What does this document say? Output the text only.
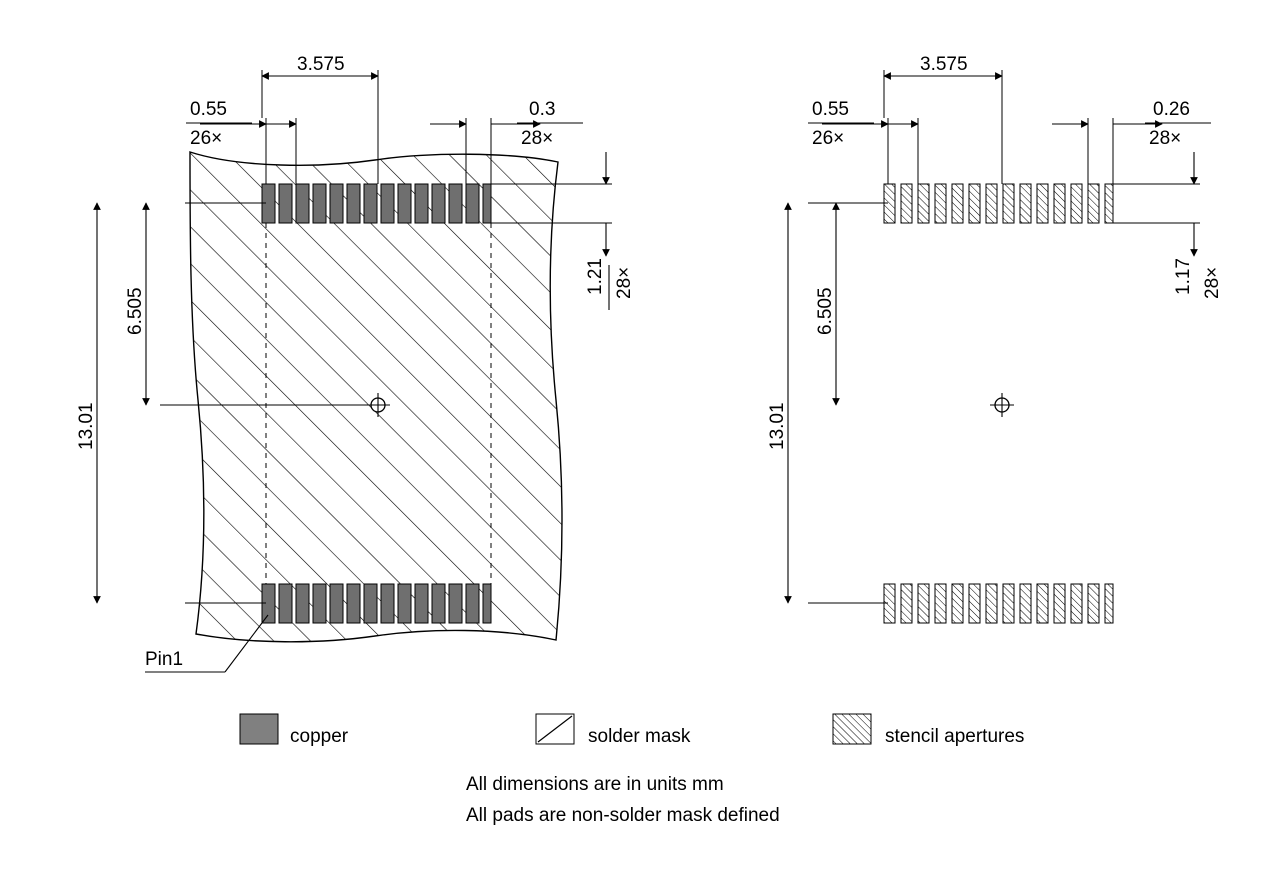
0.55
26×
3.575
0.3
28×
1.21 28×
6.505
13.01
Pin1
0.55
26×
3.575
0.26
28×
1.17 28×
6.505
13.01
copper	solder mask	stencil apertures
All dimensions are in units mm
All pads are non-solder mask defined
